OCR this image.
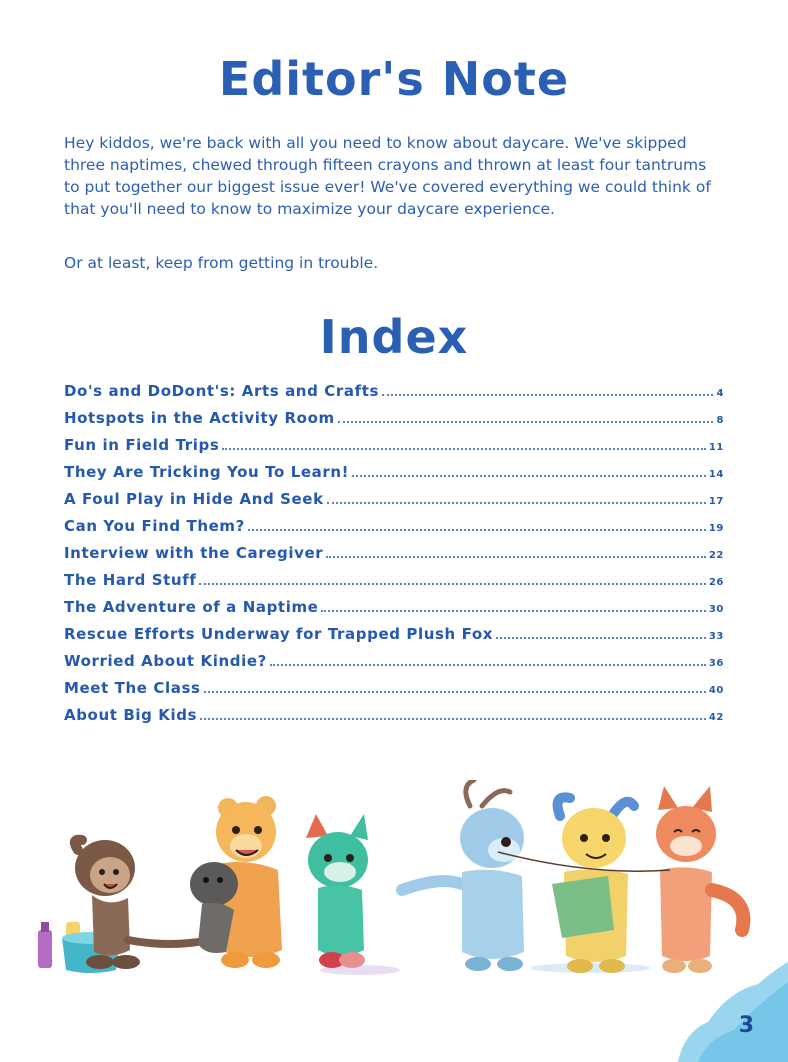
Editor's Note

Hey kiddos, we're back with all you need to know about daycare. We've skipped three naptimes, chewed through fifteen crayons and thrown at least four tantrums to put together our biggest issue ever! We've covered everything we could think of that you'll need to know to maximize your daycare experience.

Or at least, keep from getting in trouble.

Index
Do's and DoDont's: Arts and Crafts	4
Hotspots in the Activity Room	8
Fun in Field Trips	11
They Are Tricking You To Learn!	14
A Foul Play in Hide And Seek	17
Can You Find Them?	19
Interview with the Caregiver	22
The Hard Stuff	26
The Adventure of a Naptime	30
Rescue Efforts Underway for Trapped Plush Fox	33
Worried About Kindie?	36
Meet The Class	40
About Big Kids	42
3
